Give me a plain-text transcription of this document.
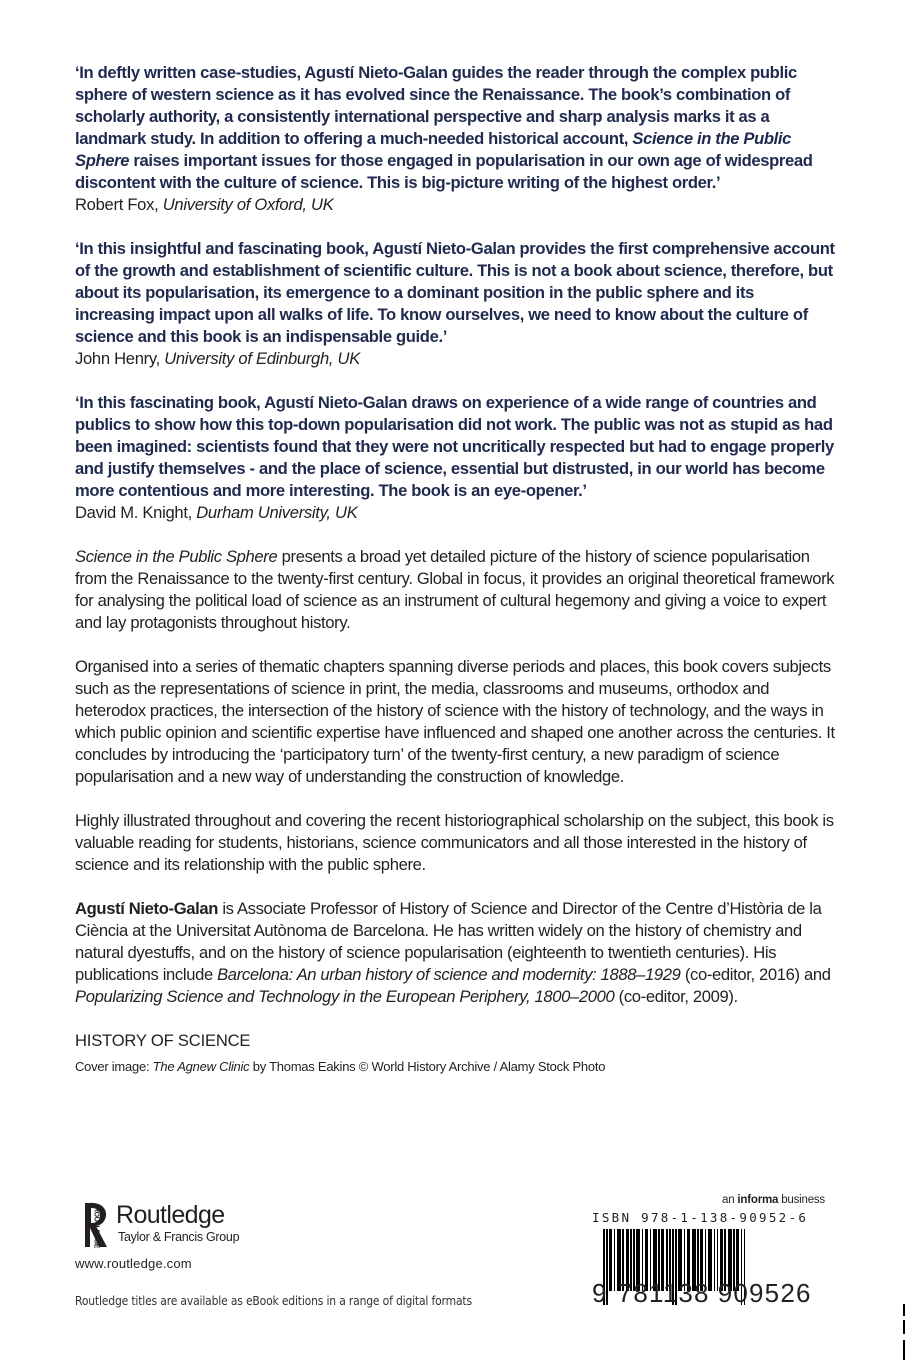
‘In deftly written case-studies, Agustí Nieto-Galan guides the reader through the complex public sphere of western science as it has evolved since the Renaissance. The book’s combination of scholarly authority, a consistently international perspective and sharp analysis marks it as a landmark study. In addition to offering a much-needed historical account, Science in the Public Sphere raises important issues for those engaged in popularisation in our own age of widespread discontent with the culture of science. This is big-picture writing of the highest order.’

Robert Fox, University of Oxford, UK

‘In this insightful and fascinating book, Agustí Nieto-Galan provides the first comprehensive account of the growth and establishment of scientific culture. This is not a book about science, therefore, but about its popularisation, its emergence to a dominant position in the public sphere and its increasing impact upon all walks of life. To know ourselves, we need to know about the culture of science and this book is an indispensable guide.’

John Henry, University of Edinburgh, UK

‘In this fascinating book, Agustí Nieto-Galan draws on experience of a wide range of countries and publics to show how this top-down popularisation did not work. The public was not as stupid as had been imagined: scientists found that they were not uncritically respected but had to engage properly and justify themselves - and the place of science, essential but distrusted, in our world has become more contentious and more interesting. The book is an eye-opener.’

David M. Knight, Durham University, UK

Science in the Public Sphere presents a broad yet detailed picture of the history of science popularisation from the Renaissance to the twenty-first century. Global in focus, it provides an original theoretical framework for analysing the political load of science as an instrument of cultural hegemony and giving a voice to expert and lay protagonists throughout history.

Organised into a series of thematic chapters spanning diverse periods and places, this book covers subjects such as the representations of science in print, the media, classrooms and museums, orthodox and heterodox practices, the intersection of the history of science with the history of technology, and the ways in which public opinion and scientific expertise have influenced and shaped one another across the centuries. It concludes by introducing the ‘participatory turn’ of the twenty-first century, a new paradigm of science popularisation and a new way of understanding the construction of knowledge.

Highly illustrated throughout and covering the recent historiographical scholarship on the subject, this book is valuable reading for students, historians, science communicators and all those interested in the history of science and its relationship with the public sphere.

Agustí Nieto-Galan is Associate Professor of History of Science and Director of the Centre d’Història de la Ciència at the Universitat Autònoma de Barcelona. He has written widely on the history of chemistry and natural dyestuffs, and on the history of science popularisation (eighteenth to twentieth centuries). His publications include Barcelona: An urban history of science and modernity: 1888–1929 (co-editor, 2016) and Popularizing Science and Technology in the European Periphery, 1800–2000 (co-editor, 2009).

HISTORY OF SCIENCE

Cover image: The Agnew Clinic by Thomas Eakins © World History Archive / Alamy Stock Photo

ROUTLEDGE Routledge
Taylor & Francis Group
www.routledge.com
Routledge titles are available as eBook editions in a range of digital formats
an informa business
ISBN 978-1-138-90952-6
9 781138 909526
